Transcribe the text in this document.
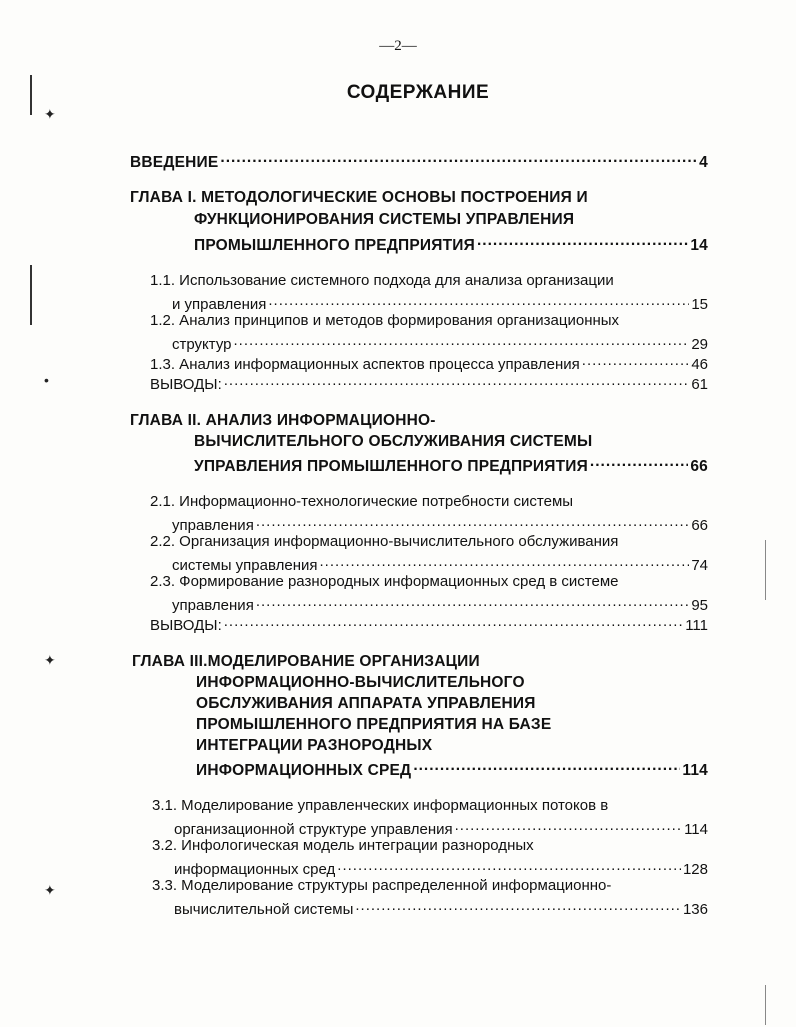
✦
•
✦
✦
—2—
СОДЕРЖАНИЕ
ВВЕДЕНИЕ .....	4
ГЛАВА I. МЕТОДОЛОГИЧЕСКИЕ ОСНОВЫ ПОСТРОЕНИЯ И
ФУНКЦИОНИРОВАНИЯ СИСТЕМЫ УПРАВЛЕНИЯ
ПРОМЫШЛЕННОГО ПРЕДПРИЯТИЯ .....	14
1.1. Использование системного подхода для анализа организации
и управления .....	15
1.2. Анализ принципов и методов формирования организационных
структур .....	29
1.3. Анализ информационных аспектов процесса управления .....	46
ВЫВОДЫ: .....	61
ГЛАВА II. АНАЛИЗ ИНФОРМАЦИОННО-
ВЫЧИСЛИТЕЛЬНОГО ОБСЛУЖИВАНИЯ СИСТЕМЫ
УПРАВЛЕНИЯ ПРОМЫШЛЕННОГО ПРЕДПРИЯТИЯ .....	66
2.1. Информационно-технологические потребности системы
управления .....	66
2.2. Организация информационно-вычислительного обслуживания
системы управления .....	74
2.3. Формирование разнородных информационных сред в системе
управления .....	95
ВЫВОДЫ: .....	111
ГЛАВА III.МОДЕЛИРОВАНИЕ ОРГАНИЗАЦИИ
ИНФОРМАЦИОННО-ВЫЧИСЛИТЕЛЬНОГО
ОБСЛУЖИВАНИЯ АППАРАТА УПРАВЛЕНИЯ
ПРОМЫШЛЕННОГО ПРЕДПРИЯТИЯ НА БАЗЕ
ИНТЕГРАЦИИ РАЗНОРОДНЫХ
ИНФОРМАЦИОННЫХ СРЕД .....	114
3.1. Моделирование управленческих информационных потоков в
организационной структуре управления .....	114
3.2. Инфологическая модель интеграции разнородных
информационных сред .....	128
3.3. Моделирование структуры распределенной информационно-
вычислительной системы .....	136
